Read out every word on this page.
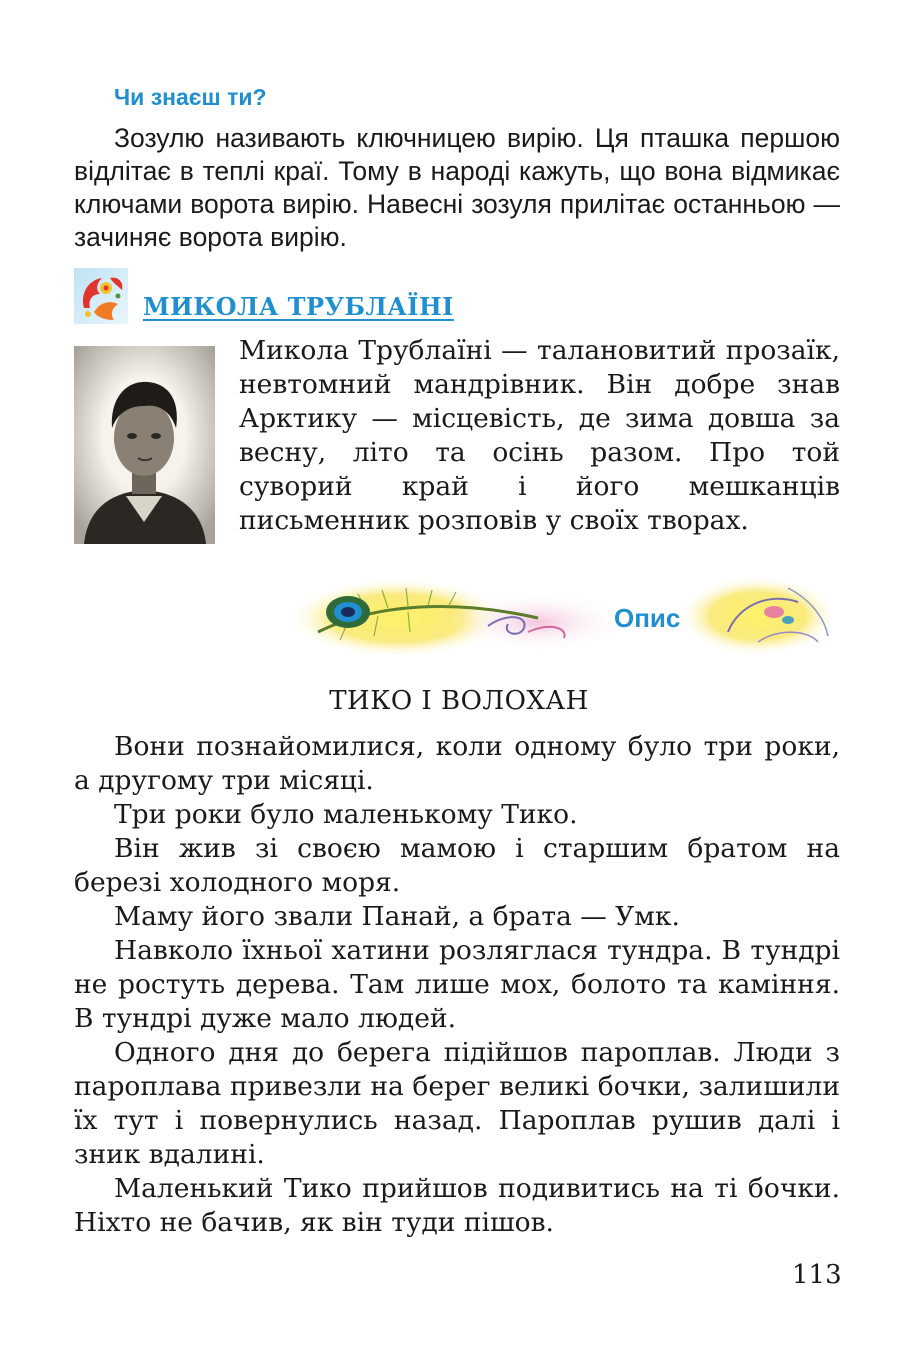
Чи знаєш ти?

Зозулю називають ключницею вирію. Ця пташка першою відлітає в теплі краї. Тому в народі кажуть, що вона відмикає ключами ворота вирію. Навесні зозуля прилітає останньою — зачиняє ворота вирію.

МИКОЛА ТРУБЛАЇНІ

Микола Трублаїні — талановитий прозаїк, невтомний мандрівник. Він добре знав Арктику — місцевість, де зима довша за весну, літо та осінь разом. Про той суворий край і його мешканців письменник розповів у своїх творах.

Опис
ТИКО І ВОЛОХАН

Вони познайомилися, коли одному було три роки, а другому три місяці.

Три роки було маленькому Тико.

Він жив зі своєю мамою і старшим братом на березі холодного моря.

Маму його звали Панай, а брата — Умк.

Навколо їхньої хатини розляглася тундра. В тундрі не ростуть дерева. Там лише мох, болото та каміння. В тундрі дуже мало людей.

Одного дня до берега підійшов пароплав. Люди з пароплава привезли на берег великі бочки, залишили їх тут і повернулись назад. Пароплав рушив далі і зник вдалині.

Маленький Тико прийшов подивитись на ті бочки. Ніхто не бачив, як він туди пішов.

113
